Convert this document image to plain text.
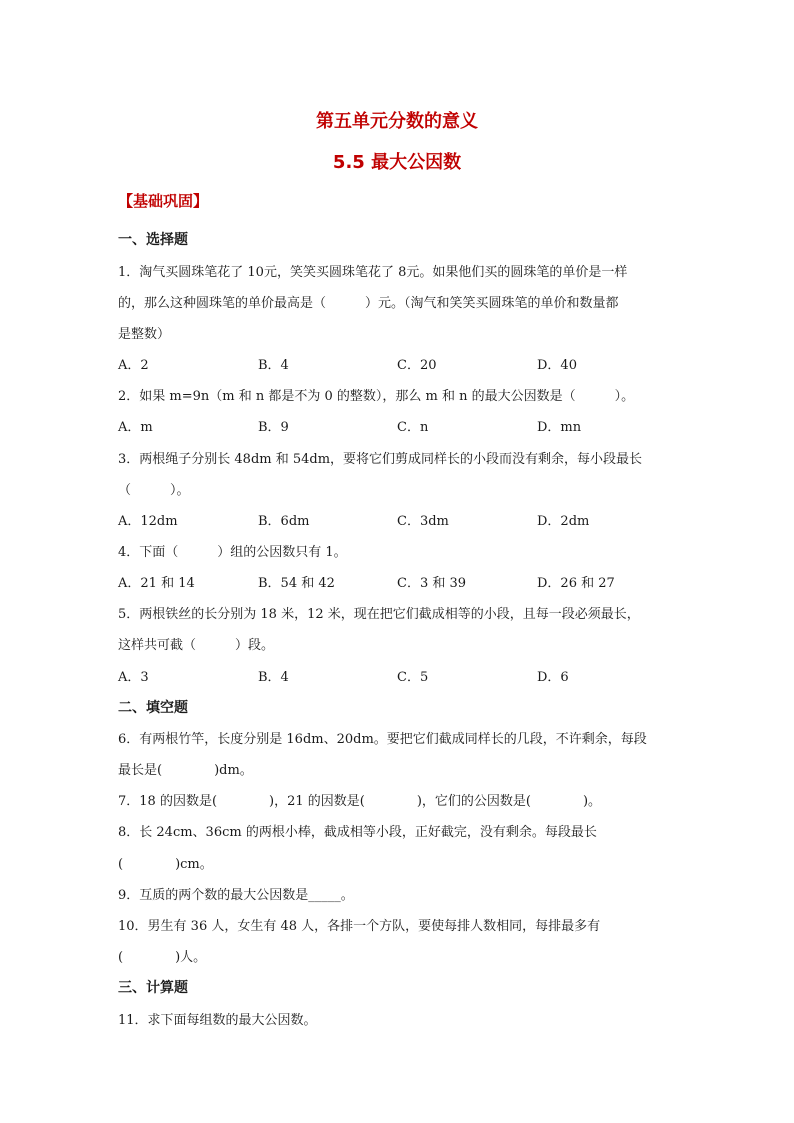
第五单元分数的意义
5.5 最大公因数
【基础巩固】
一、选择题
1．淘气买圆珠笔花了 10元，笑笑买圆珠笔花了 8元。如果他们买的圆珠笔的单价是一样
的，那么这种圆珠笔的单价最高是（　　　）元。（淘气和笑笑买圆珠笔的单价和数量都
是整数）
A．2	B．4	C．20	D．40
2．如果 m=9n（m 和 n 都是不为 0 的整数），那么 m 和 n 的最大公因数是（　　　）。
A．m	B．9	C．n	D．mn
3．两根绳子分别长 48dm 和 54dm，要将它们剪成同样长的小段而没有剩余，每小段最长
（　　　）。
A．12dm	B．6dm	C．3dm	D．2dm
4．下面（　　　）组的公因数只有 1。
A．21 和 14	B．54 和 42	C．3 和 39	D．26 和 27
5．两根铁丝的长分别为 18 米，12 米，现在把它们截成相等的小段，且每一段必须最长，
这样共可截（　　　）段。
A．3	B．4	C．5	D．6
二、填空题
6．有两根竹竿，长度分别是 16dm、20dm。要把它们截成同样长的几段，不许剩余，每段
最长是(　　　　)dm。
7．18 的因数是(　　　　)，21 的因数是(　　　　)，它们的公因数是(　　　　)。
8．长 24cm、36cm 的两根小棒，截成相等小段，正好截完，没有剩余。每段最长
(　　　　)cm。
9．互质的两个数的最大公因数是_____。
10．男生有 36 人，女生有 48 人，各排一个方队，要使每排人数相同，每排最多有
(　　　　)人。
三、计算题
11．求下面每组数的最大公因数。
